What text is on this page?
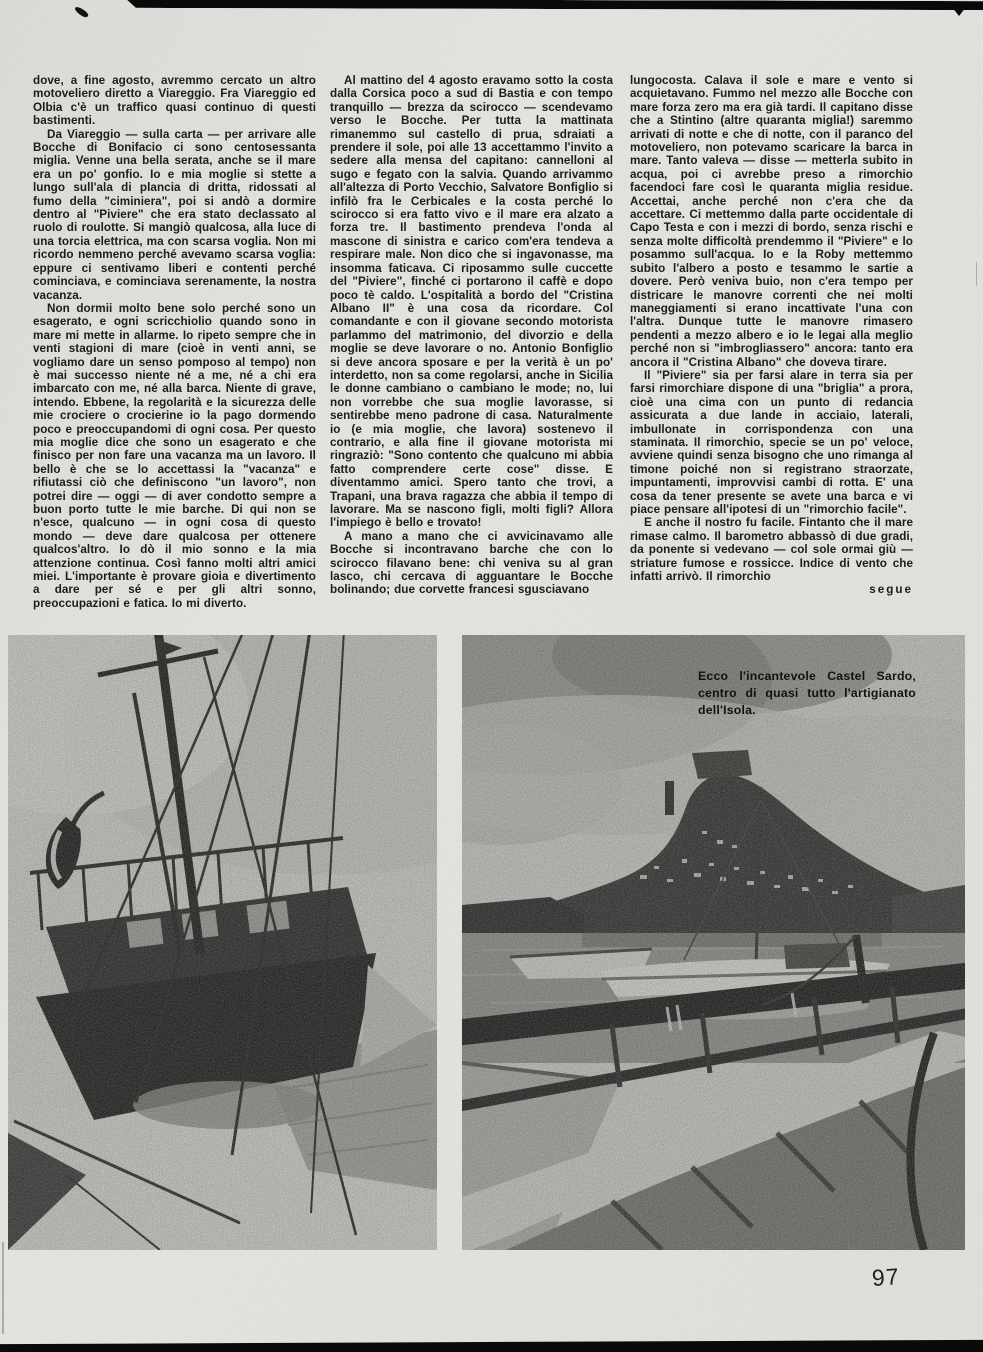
dove, a fine agosto, avremmo cercato un altro motoveliero diretto a Viareggio. Fra Viareggio ed Olbia c'è un traffico quasi continuo di questi bastimenti.

Da Viareggio — sulla carta — per arrivare alle Bocche di Bonifacio ci sono centosessanta miglia. Venne una bella serata, anche se il mare era un po' gonfio. Io e mia moglie si stette a lungo sull'ala di plancia di dritta, ridossati al fumo della "ciminiera", poi si andò a dormire dentro al "Piviere" che era stato declassato al ruolo di roulotte. Si mangiò qualcosa, alla luce di una torcia elettrica, ma con scarsa voglia. Non mi ricordo nemmeno perché avevamo scarsa voglia: eppure ci sentivamo liberi e contenti perché cominciava, e cominciava serenamente, la nostra vacanza.

Non dormii molto bene solo perché sono un esagerato, e ogni scricchiolio quando sono in mare mi mette in allarme. Io ripeto sempre che in venti stagioni di mare (cioè in venti anni, se vogliamo dare un senso pomposo al tempo) non è mai successo niente né a me, né a chi era imbarcato con me, né alla barca. Niente di grave, intendo. Ebbene, la regolarità e la sicurezza delle mie crociere o crocierine io la pago dormendo poco e preoccupandomi di ogni cosa. Per questo mia moglie dice che sono un esagerato e che finisco per non fare una vacanza ma un lavoro. Il bello è che se lo accettassi la "vacanza" e rifiutassi ciò che definiscono "un lavoro", non potrei dire — oggi — di aver condotto sempre a buon porto tutte le mie barche. Di qui non se n'esce, qualcuno — in ogni cosa di questo mondo — deve dare qualcosa per ottenere qualcos'altro. Io dò il mio sonno e la mia attenzione continua. Così fanno molti altri amici miei. L'importante è provare gioia e divertimento a dare per sé e per gli altri sonno, preoccupazioni e fatica. Io mi diverto.

Al mattino del 4 agosto eravamo sotto la costa dalla Corsica poco a sud di Bastia e con tempo tranquillo — brezza da scirocco — scendevamo verso le Bocche. Per tutta la mattinata rimanemmo sul castello di prua, sdraiati a prendere il sole, poi alle 13 accettammo l'invito a sedere alla mensa del capitano: cannelloni al sugo e fegato con la salvia. Quando arrivammo all'altezza di Porto Vecchio, Salvatore Bonfiglio si infilò fra le Cerbicales e la costa perché lo scirocco si era fatto vivo e il mare era alzato a forza tre. Il bastimento prendeva l'onda al mascone di sinistra e carico com'era tendeva a respirare male. Non dico che si ingavonasse, ma insomma faticava. Ci riposammo sulle cuccette del "Piviere", finché ci portarono il caffè e dopo poco tè caldo. L'ospitalità a bordo del "Cristina Albano II" è una cosa da ricordare. Col comandante e con il giovane secondo motorista parlammo del matrimonio, del divorzio e della moglie se deve lavorare o no. Antonio Bonfiglio si deve ancora sposare e per la verità è un po' interdetto, non sa come regolarsi, anche in Sicilia le donne cambiano o cambiano le mode; no, lui non vorrebbe che sua moglie lavorasse, si sentirebbe meno padrone di casa. Naturalmente io (e mia moglie, che lavora) sostenevo il contrario, e alla fine il giovane motorista mi ringraziò: "Sono contento che qualcuno mi abbia fatto comprendere certe cose" disse. E diventammo amici. Spero tanto che trovi, a Trapani, una brava ragazza che abbia il tempo di lavorare. Ma se nascono figli, molti figli? Allora l'impiego è bello e trovato!

A mano a mano che ci avvicinavamo alle Bocche si incontravano barche che con lo scirocco filavano bene: chi veniva su al gran lasco, chi cercava di agguantare le Bocche bolinando; due corvette francesi sgusciavano

lungocosta. Calava il sole e mare e vento si acquietavano. Fummo nel mezzo alle Bocche con mare forza zero ma era già tardi. Il capitano disse che a Stintino (altre quaranta miglia!) saremmo arrivati di notte e che di notte, con il paranco del motoveliero, non potevamo scaricare la barca in mare. Tanto valeva — disse — metterla subito in acqua, poi ci avrebbe preso a rimorchio facendoci fare così le quaranta miglia residue. Accettai, anche perché non c'era che da accettare. Ci mettemmo dalla parte occidentale di Capo Testa e con i mezzi di bordo, senza rischi e senza molte difficoltà prendemmo il "Piviere" e lo posammo sull'acqua. Io e la Roby mettemmo subito l'albero a posto e tesammo le sartie a dovere. Però veniva buio, non c'era tempo per districare le manovre correnti che nei molti maneggiamenti si erano incattivate l'una con l'altra. Dunque tutte le manovre rimasero pendenti a mezzo albero e io le legai alla meglio perché non si "imbrogliassero" ancora: tanto era ancora il "Cristina Albano" che doveva tirare.

Il "Piviere" sia per farsi alare in terra sia per farsi rimorchiare dispone di una "briglia" a prora, cioè una cima con un punto di redancia assicurata a due lande in acciaio, laterali, imbullonate in corrispondenza con una staminata. Il rimorchio, specie se un po' veloce, avviene quindi senza bisogno che uno rimanga al timone poiché non si registrano straorzate, impuntamenti, improvvisi cambi di rotta. E' una cosa da tener presente se avete una barca e vi piace pensare all'ipotesi di un "rimorchio facile".

E anche il nostro fu facile. Fintanto che il mare rimase calmo. Il barometro abbassò di due gradi, da ponente si vedevano — col sole ormai giù — striature fumose e rossicce. Indice di vento che infatti arrivò. Il rimorchio

segue

Ecco l'incantevole Castel Sardo, centro di quasi tutto l'artigianato dell'Isola.
97
